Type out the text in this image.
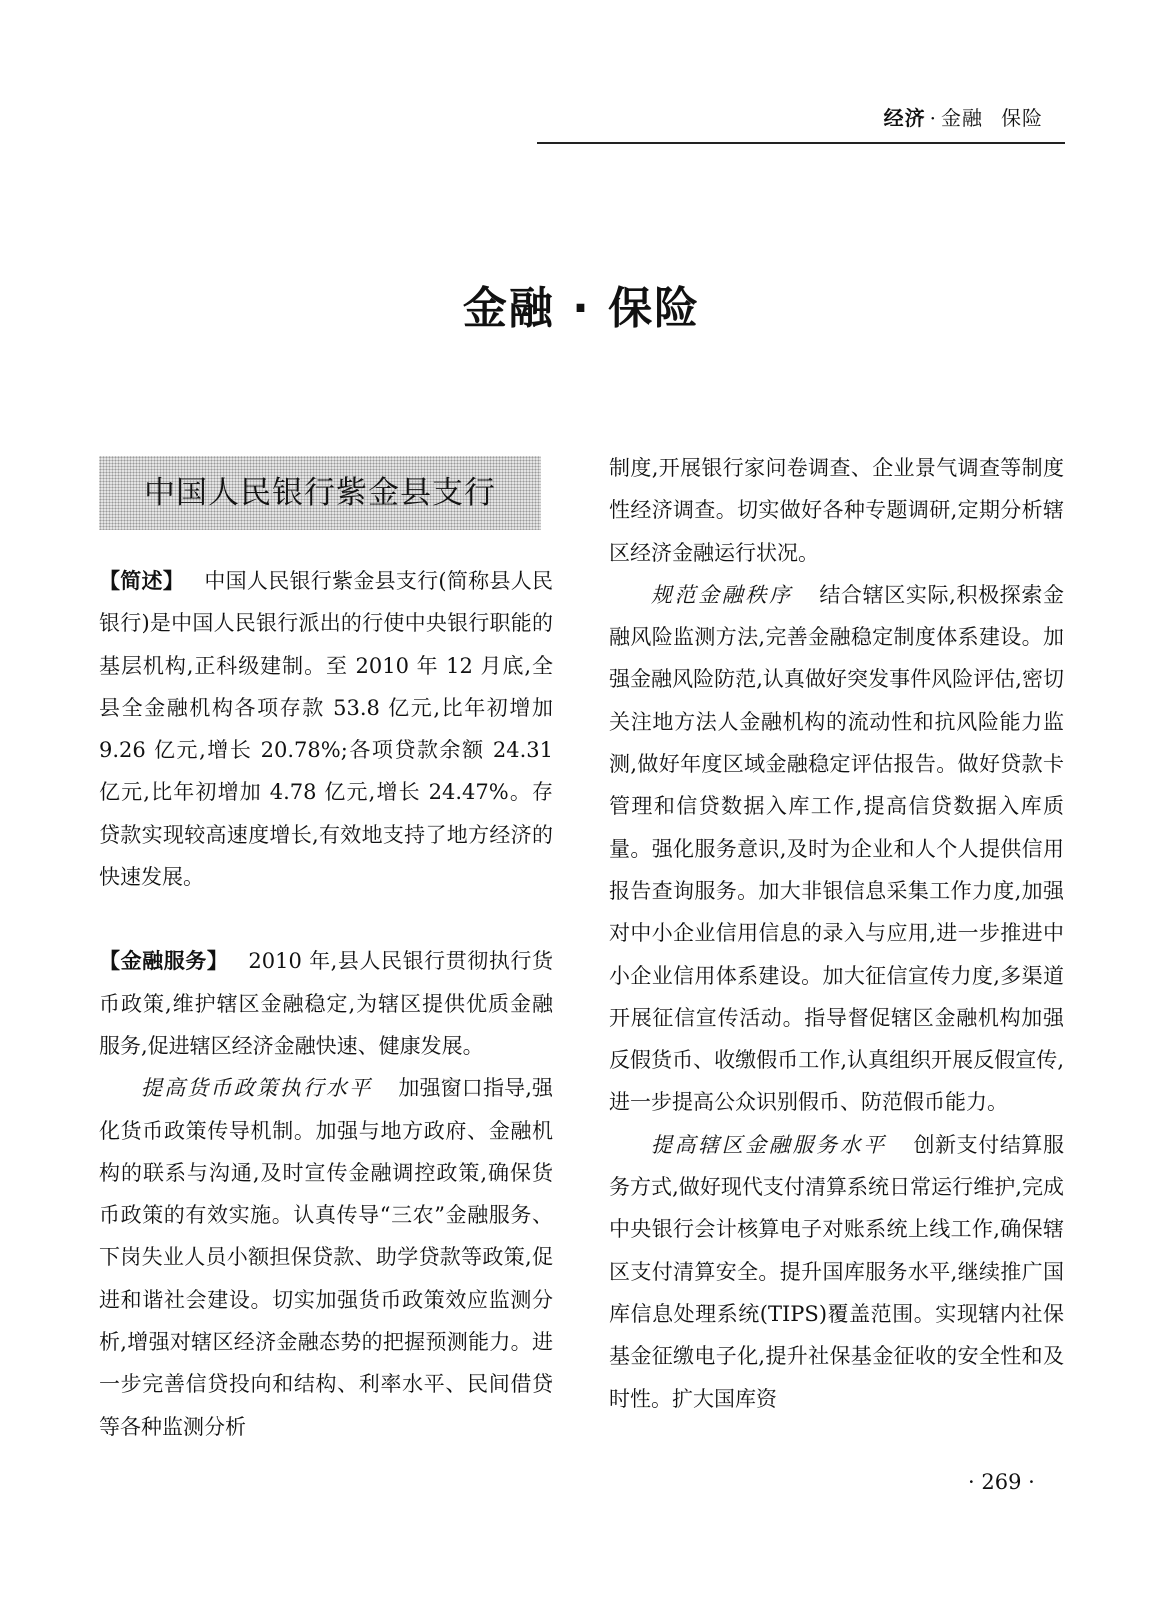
经济 · 金融 保险
金融 · 保险
中国人民银行紫金县支行

【简述】 中国人民银行紫金县支行(简称县人民银行)是中国人民银行派出的行使中央银行职能的基层机构,正科级建制。至 2010 年 12 月底,全县全金融机构各项存款 53.8 亿元,比年初增加 9.26 亿元,增长 20.78%;各项贷款余额 24.31 亿元,比年初增加 4.78 亿元,增长 24.47%。存贷款实现较高速度增长,有效地支持了地方经济的快速发展。

【金融服务】 2010 年,县人民银行贯彻执行货币政策,维护辖区金融稳定,为辖区提供优质金融服务,促进辖区经济金融快速、健康发展。

提高货币政策执行水平 加强窗口指导,强化货币政策传导机制。加强与地方政府、金融机构的联系与沟通,及时宣传金融调控政策,确保货币政策的有效实施。认真传导“三农”金融服务、下岗失业人员小额担保贷款、助学贷款等政策,促进和谐社会建设。切实加强货币政策效应监测分析,增强对辖区经济金融态势的把握预测能力。进一步完善信贷投向和结构、利率水平、民间借贷等各种监测分析

制度,开展银行家问卷调查、企业景气调查等制度性经济调查。切实做好各种专题调研,定期分析辖区经济金融运行状况。

规范金融秩序 结合辖区实际,积极探索金融风险监测方法,完善金融稳定制度体系建设。加强金融风险防范,认真做好突发事件风险评估,密切关注地方法人金融机构的流动性和抗风险能力监测,做好年度区域金融稳定评估报告。做好贷款卡管理和信贷数据入库工作,提高信贷数据入库质量。强化服务意识,及时为企业和人个人提供信用报告查询服务。加大非银信息采集工作力度,加强对中小企业信用信息的录入与应用,进一步推进中小企业信用体系建设。加大征信宣传力度,多渠道开展征信宣传活动。指导督促辖区金融机构加强反假货币、收缴假币工作,认真组织开展反假宣传,进一步提高公众识别假币、防范假币能力。

提高辖区金融服务水平 创新支付结算服务方式,做好现代支付清算系统日常运行维护,完成中央银行会计核算电子对账系统上线工作,确保辖区支付清算安全。提升国库服务水平,继续推广国库信息处理系统(TIPS)覆盖范围。实现辖内社保基金征缴电子化,提升社保基金征收的安全性和及时性。扩大国库资

· 269 ·
